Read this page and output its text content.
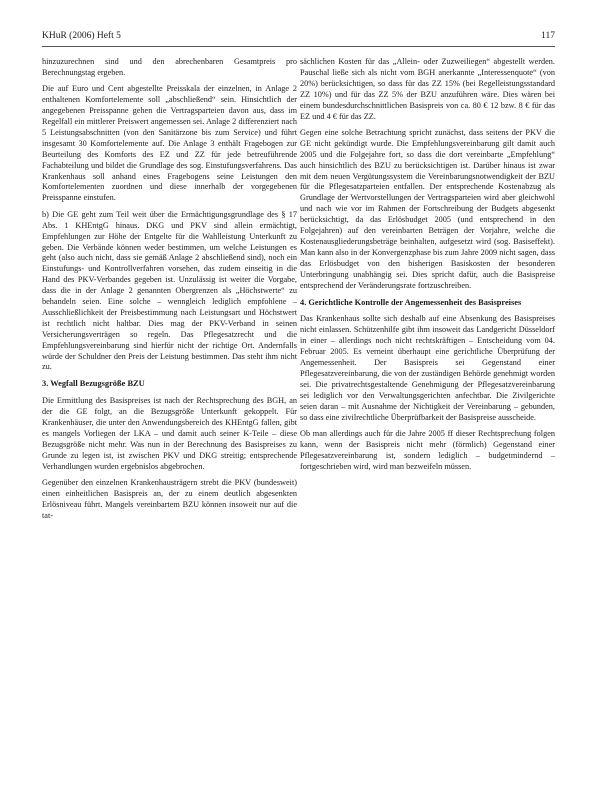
KHuR (2006) Heft 5	117

hinzuzurechnen sind und den abrechenbaren Gesamtpreis pro Berechnungstag ergeben.

Die auf Euro und Cent abgestellte Preisskala der einzelnen, in Anlage 2 enthaltenen Komfortelemente soll „abschließend“ sein. Hinsichtlich der angegebenen Preisspanne gehen die Vertragsparteien davon aus, dass im Regelfall ein mittlerer Preiswert angemessen sei. Anlage 2 differenziert nach 5 Leistungsabschnitten (von den Sanitärzone bis zum Service) und führt insgesamt 30 Komfortelemente auf. Die Anlage 3 enthält Fragebogen zur Beurteilung des Komforts des EZ und ZZ für jede betreuführende Fachabteilung und bildet die Grundlage des sog. Einstufungsverfahrens. Das Krankenhaus soll anhand eines Fragebogens seine Leistungen den Komfortelementen zuordnen und diese innerhalb der vorgegebenen Preisspanne einstufen.

b) Die GE geht zum Teil weit über die Ermächtigungsgrundlage des § 17 Abs. 1 KHEntgG hinaus. DKG und PKV sind allein ermächtigt, Empfehlungen zur Höhe der Entgelte für die Wahlleistung Unterkunft zu geben. Die Verbände können weder bestimmen, um welche Leistungen es geht (also auch nicht, dass sie gemäß Anlage 2 abschließend sind), noch ein Einstufungs- und Kontrollverfahren vorsehen, das zudem einseitig in die Hand des PKV-Verbandes gegeben ist. Unzulässig ist weiter die Vorgabe, dass die in der Anlage 2 genannten Obergrenzen als „Höchstwerte“ zu behandeln seien. Eine solche – wenngleich lediglich empfohlene – Ausschließlichkeit der Preisbestimmung nach Leistungsart und Höchstwert ist rechtlich nicht haltbar. Dies mag der PKV-Verband in seinen Versicherungsverträgen so regeln. Das Pflegesatzrecht und die Empfehlungsvereinbarung sind hierfür nicht der richtige Ort. Andernfalls würde der Schuldner den Preis der Leistung bestimmen. Das steht ihm nicht zu.

3. Wegfall Bezugsgröße BZU

Die Ermittlung des Basispreises ist nach der Rechtsprechung des BGH, an der die GE folgt, an die Bezugsgröße Unterkunft gekoppelt. Für Krankenhäuser, die unter den Anwendungsbereich des KHEntgG fallen, gibt es mangels Vorliegen der LKA – und damit auch seiner K-Teile – diese Bezugsgröße nicht mehr. Was nun in der Berechnung des Basispreises zu Grunde zu legen ist, ist zwischen PKV und DKG streitig; entsprechende Verhandlungen wurden ergebnislos abgebrochen.

Gegenüber den einzelnen Krankenhausträgern strebt die PKV (bundesweit) einen einheitlichen Basispreis an, der zu einem deutlich abgesenkten Erlösniveau führt. Mangels vereinbartem BZU können insoweit nur auf die tat-

sächlichen Kosten für das „Allein- oder Zuzweiliegen“ abgestellt werden. Pauschal ließe sich als nicht vom BGH anerkannte „Interessenquote“ (von 20%) berücksichtigen, so dass für das ZZ 15% (bei Regelleistungsstandard ZZ 10%) und für das ZZ 5% der BZU anzuführen wäre. Dies wären bei einem bundesdurchschnittlichen Basispreis von ca. 80 € 12 bzw. 8 € für das EZ und 4 € für das ZZ.

Gegen eine solche Betrachtung spricht zunächst, dass seitens der PKV die GE nicht gekündigt wurde. Die Empfehlungsvereinbarung gilt damit auch 2005 und die Folgejahre fort, so dass die dort vereinbarte „Empfehlung“ auch hinsichtlich des BZU zu berücksichtigen ist. Darüber hinaus ist zwar mit dem neuen Vergütungssystem die Vereinbarungsnotwendigkeit der BZU für die Pflegesatzparteien entfallen. Der entsprechende Kostenabzug als Grundlage der Wertvorstellungen der Vertragsparteien wird aber gleichwohl und nach wie vor im Rahmen der Fortschreibung der Budgets abgesenkt berücksichtigt, da das Erlösbudget 2005 (und entsprechend in den Folgejahren) auf den vereinbarten Beträgen der Vorjahre, welche die Kostenausgliederungsbeträge beinhalten, aufgesetzt wird (sog. Basiseffekt). Man kann also in der Konvergenzphase bis zum Jahre 2009 nicht sagen, dass das Erlösbudget von den bisherigen Basiskosten der besonderen Unterbringung unabhängig sei. Dies spricht dafür, auch die Basispreise entsprechend der Veränderungsrate fortzuschreiben.

4. Gerichtliche Kontrolle der Angemessenheit des Basispreises

Das Krankenhaus sollte sich deshalb auf eine Absenkung des Basispreises nicht einlassen. Schützenhilfe gibt ihm insoweit das Landgericht Düsseldorf in einer – allerdings noch nicht rechtskräftigen – Entscheidung vom 04. Februar 2005. Es verneint überhaupt eine gerichtliche Überprüfung der Angemessenheit. Der Basispreis sei Gegenstand einer Pflegesatzvereinbarung, die von der zuständigen Behörde genehmigt worden sei. Die privatrechtsgestaltende Genehmigung der Pflegesatzvereinbarung sei lediglich vor den Verwaltungsgerichten anfechtbar. Die Zivilgerichte seien daran – mit Ausnahme der Nichtigkeit der Vereinbarung – gebunden, so dass eine zivilrechtliche Überprüfbarkeit der Basispreise ausscheide.

Ob man allerdings auch für die Jahre 2005 ff dieser Rechtsprechung folgen kann, wenn der Basispreis nicht mehr (förmlich) Gegenstand einer Pflegesatzvereinbarung ist, sondern lediglich – budgetmindernd – fortgeschrieben wird, wird man bezweifeln müssen.
